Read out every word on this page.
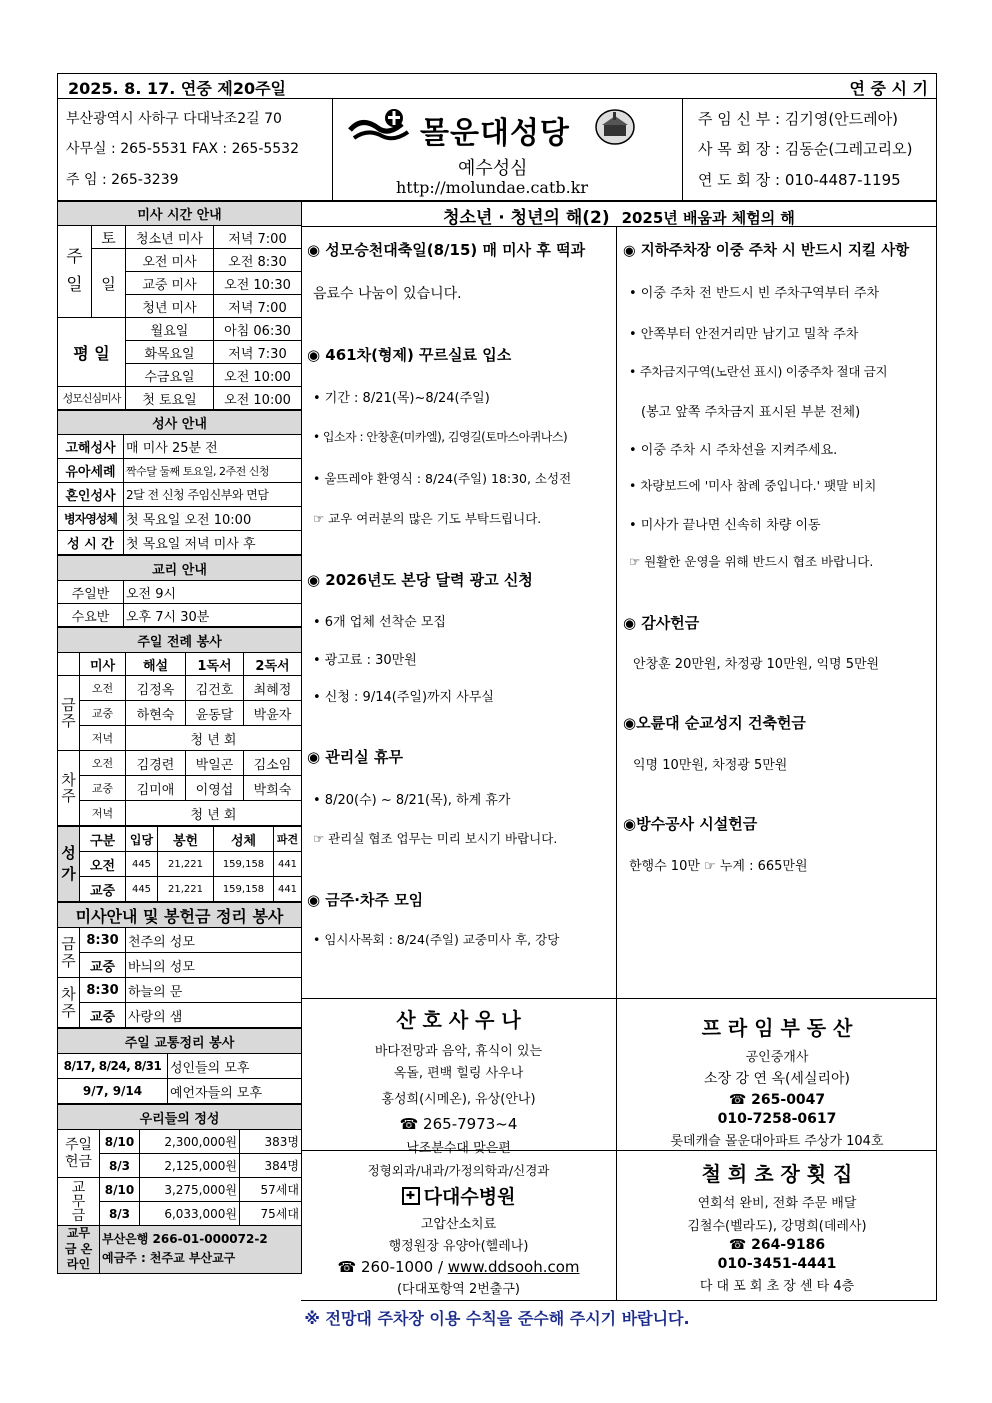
2025. 8. 17. 연중 제20주일	연 중 시 기
부산광역시 사하구 다대낙조2길 70
사무실 : 265-5531 FAX : 265-5532
주 임 : 265-3239
몰운대성당
예수성심
http://molundae.catb.kr
주 임 신 부 : 김기영(안드레아)
사 목 회 장 : 김동순(그레고리오)
연 도 회 장 : 010-4487-1195
미사 시간 안내			
주
일	토	청소년 미사	저녁 7:00
	일	오전 미사	오전 8:30
		교중 미사	오전 10:30
		청년 미사	저녁 7:00
평 일		월요일	아침 06:30
		화목요일	저녁 7:30
		수금요일	오전 10:00
성모신심미사		첫 토요일	오전 10:00
성사 안내	
고해성사	매 미사 25분 전
유아세례	짝수달 둘째 토요일, 2주전 신청
혼인성사	2달 전 신청 주임신부와 면담
병자영성체	첫 목요일 오전 10:00
성 시 간	첫 목요일 저녁 미사 후
교리 안내	
주일반	오전 9시
수요반	오후 7시 30분
주일 전례 봉사				
	미사	해설	1독서	2독서
금주	오전	김정옥	김건호	최혜정
	교중	하현숙	윤동달	박윤자
	저녁	청 년 회		
차주	오전	김경련	박일곤	김소임
	교중	김미애	이영섭	박희숙
	저녁	청 년 회		
성가	구분	입당	봉헌	성체	파견
	오전	445	21,221	159,158	441
	교중	445	21,221	159,158	441
미사안내 및 봉헌금 정리 봉사		
금주	8:30	천주의 성모
	교중	바늬의 성모
차주	8:30	하늘의 문
	교중	사랑의 샘
주일 교통정리 봉사	
8/17, 8/24, 8/31	성인들의 모후
9/7, 9/14	예언자들의 모후
우리들의 정성			
주일헌금	8/10	2,300,000원	383명
	8/3	2,125,000원	384명
교무금	8/10	3,275,000원	57세대
	8/3	6,033,000원	75세대
교무금 온라인	부산은행 266-01-000072-2
예금주 : 천주교 부산교구		
청소년 · 청년의 해(2) 2025년 배움과 체험의 해
◉ 성모승천대축일(8/15) 매 미사 후 떡과
음료수 나눔이 있습니다.
◉ 461차(형제) 꾸르실료 입소
• 기간 : 8/21(목)~8/24(주일)
• 입소자 : 안창훈(미카엘), 김영길(토마스아퀴나스)
• 울뜨레야 환영식 : 8/24(주일) 18:30, 소성전
☞ 교우 여러분의 많은 기도 부탁드립니다.
◉ 2026년도 본당 달력 광고 신청
• 6개 업체 선착순 모집
• 광고료 : 30만원
• 신청 : 9/14(주일)까지 사무실
◉ 관리실 휴무
• 8/20(수) ~ 8/21(목), 하계 휴가
☞ 관리실 협조 업무는 미리 보시기 바랍니다.
◉ 금주·차주 모임
• 임시사목회 : 8/24(주일) 교중미사 후, 강당
◉ 지하주차장 이중 주차 시 반드시 지킬 사항
• 이중 주차 전 반드시 빈 주차구역부터 주차
• 안쪽부터 안전거리만 남기고 밀착 주차
• 주차금지구역(노란선 표시) 이중주차 절대 금지
(봉고 앞쪽 주차금지 표시된 부분 전체)
• 이중 주차 시 주차선을 지켜주세요.
• 차량보드에 '미사 참례 중입니다.' 팻말 비치
• 미사가 끝나면 신속히 차량 이동
☞ 원활한 운영을 위해 반드시 협조 바랍니다.
◉ 감사헌금
안창훈 20만원, 차정광 10만원, 익명 5만원
◉오륜대 순교성지 건축헌금
익명 10만원, 차정광 5만원
◉방수공사 시설헌금
한행수 10만 ☞ 누계 : 665만원
산 호 사 우 나
바다전망과 음악, 휴식이 있는
옥돌, 편백 힐링 사우나
홍성희(시메온), 유상(안나)
☎ 265-7973~4
낙조분수대 맞은편
프 라 임 부 동 산
공인중개사
소장 강 연 옥(세실리아)
☎ 265-0047
010-7258-0617
롯데캐슬 몰운대아파트 주상가 104호
정형외과/내과/가정의학과/신경과
✚ 다대수병원
고압산소치료
행정원장 유양아(헬레나)
☎ 260-1000 / www.ddsooh.com
(다대포항역 2번출구)
철 희 초 장 횟 집
연회석 완비, 전화 주문 배달
김철수(벨라도), 강명희(데레사)
☎ 264-9186
010-3451-4441
다 대 포 회 초 장 센 타 4층
※ 전망대 주차장 이용 수칙을 준수해 주시기 바랍니다.
